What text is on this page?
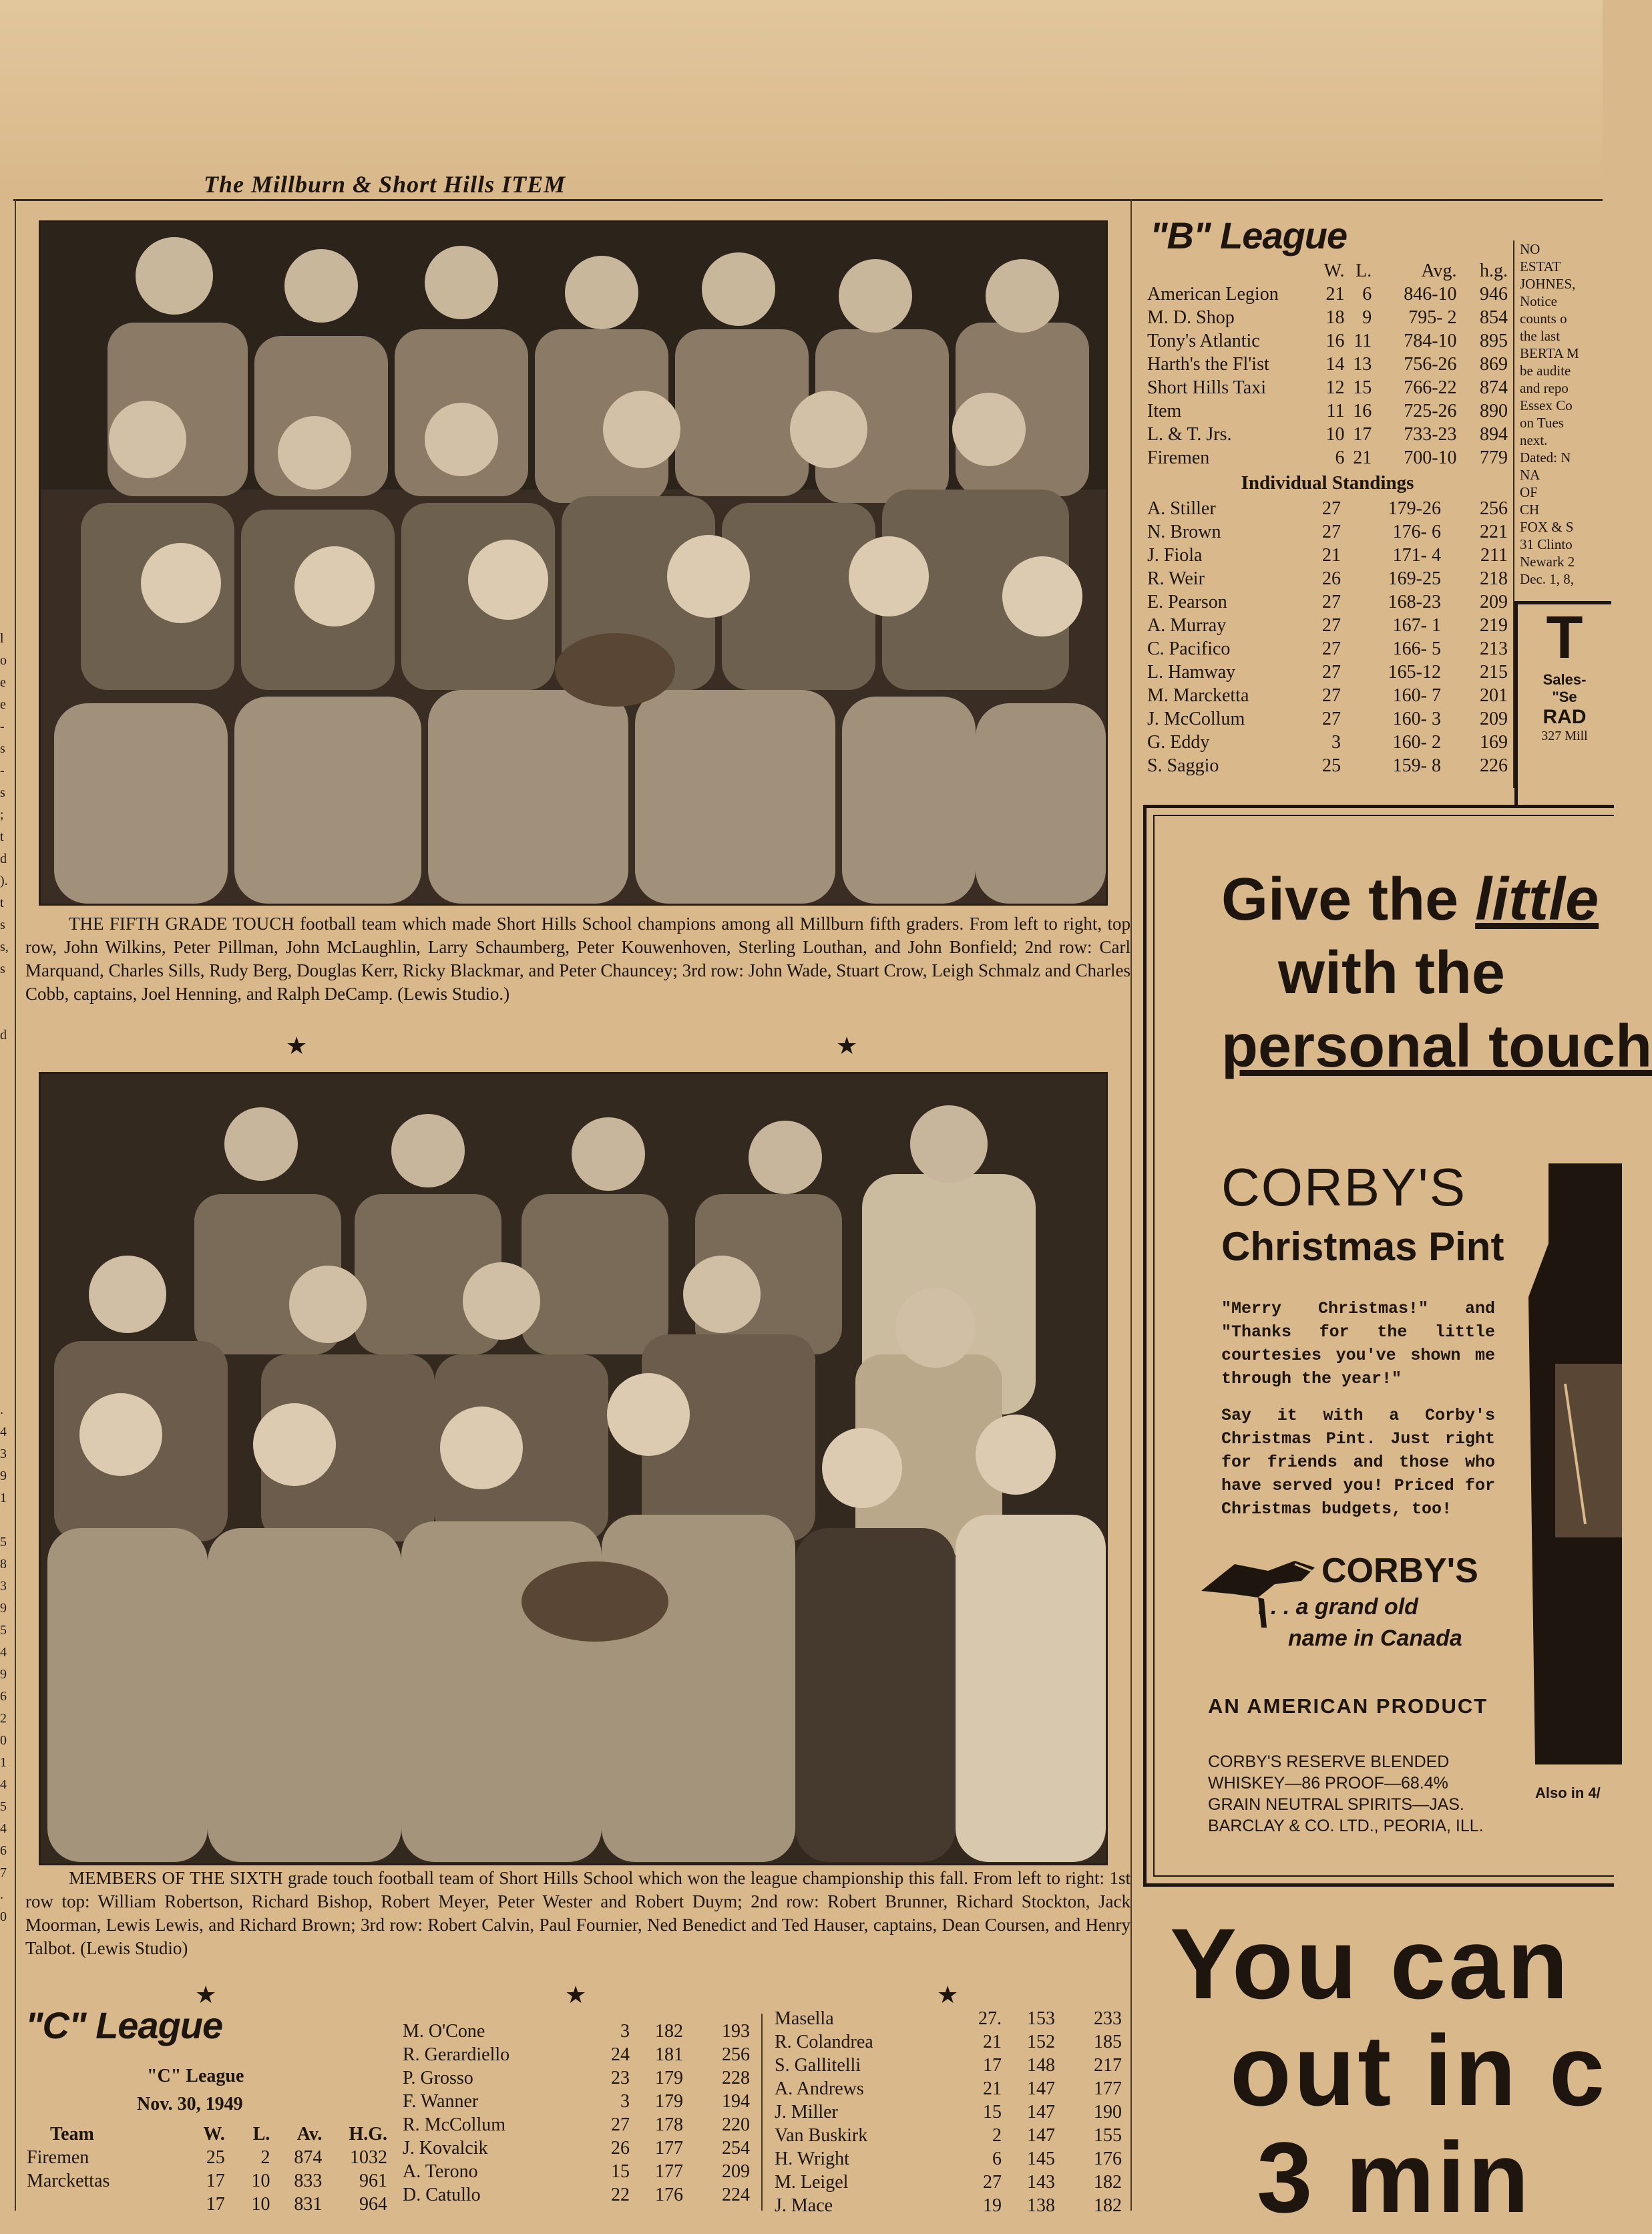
The Millburn & Short Hills ITEM
l
o
e
e
-
s
-
s
;
t
d
).
t
s
s,
s
d
.
4
3
9
1
5
8
3
9
5
4
9
6
2
0
1
4
5
4
6
7
.
0
THE FIFTH GRADE TOUCH football team which made Short Hills School champions among all Millburn fifth graders. From left to right, top row, John Wilkins, Peter Pillman, John McLaughlin, Larry Schaumberg, Peter Kouwenhoven, Sterling Louthan, and John Bonfield; 2nd row: Carl Marquand, Charles Sills, Rudy Berg, Douglas Kerr, Ricky Blackmar, and Peter Chauncey; 3rd row: John Wade, Stuart Crow, Leigh Schmalz and Charles Cobb, captains, Joel Henning, and Ralph DeCamp. (Lewis Studio.)
★	★
MEMBERS OF THE SIXTH grade touch football team of Short Hills School which won the league championship this fall. From left to right: 1st row top: William Robertson, Richard Bishop, Robert Meyer, Peter Wester and Robert Duym; 2nd row: Robert Brunner, Richard Stockton, Jack Moorman, Lewis Lewis, and Richard Brown; 3rd row: Robert Calvin, Paul Fournier, Ned Benedict and Ted Hauser, captains, Dean Coursen, and Henry Talbot. (Lewis Studio)
★	★	★
"B" League
	W.	L.	Avg.	h.g.
American Legion	21	6	846-10	946
M. D. Shop	18	9	795- 2	854
Tony's Atlantic	16	11	784-10	895
Harth's the Fl'ist	14	13	756-26	869
Short Hills Taxi	12	15	766-22	874
Item	11	16	725-26	890
L. & T. Jrs.	10	17	733-23	894
Firemen	6	21	700-10	779
Individual Standings
A. Stiller	27	179-26	256
N. Brown	27	176- 6	221
J. Fiola	21	171- 4	211
R. Weir	26	169-25	218
E. Pearson	27	168-23	209
A. Murray	27	167- 1	219
C. Pacifico	27	166- 5	213
L. Hamway	27	165-12	215
M. Marcketta	27	160- 7	201
J. McCollum	27	160- 3	209
G. Eddy	3	160- 2	169
S. Saggio	25	159- 8	226
NO
ESTAT
JOHNES,
Notice
counts o
the last
BERTA M
be audite
and repo
Essex Co
on Tues
next.
Dated: N
NA
OF
CH
FOX & S
31 Clinto
Newark 2
Dec. 1, 8,
T
Sales-
"Se
RAD
327 Mill
Give the little
with the
personal touch
CORBY'S
Christmas Pint
"Merry Christmas!" and "Thanks for the little courtesies you've shown me through the year!"
Say it with a Corby's Christmas Pint. Just right for friends and those who have served you! Priced for Christmas budgets, too!
CORBY'S
. . . a grand old
name in Canada
AN AMERICAN PRODUCT
CORBY'S RESERVE BLENDED
WHISKEY—86 PROOF—68.4%
GRAIN NEUTRAL SPIRITS—JAS.
BARCLAY & CO. LTD., PEORIA, ILL.
Also in 4/
You can
out in c
3 min
"C" League
"C" League
Nov. 30, 1949
Team	W.	L.	Av.	H.G.
Firemen	25	2	874	1032
Marckettas	17	10	833	961
	17	10	831	964
M. O'Cone	3	182	193
R. Gerardiello	24	181	256
P. Grosso	23	179	228
F. Wanner	3	179	194
R. McCollum	27	178	220
J. Kovalcik	26	177	254
A. Terono	15	177	209
D. Catullo	22	176	224
Masella	27.	153	233
R. Colandrea	21	152	185
S. Gallitelli	17	148	217
A. Andrews	21	147	177
J. Miller	15	147	190
Van Buskirk	2	147	155
H. Wright	6	145	176
M. Leigel	27	143	182
J. Mace	19	138	182
